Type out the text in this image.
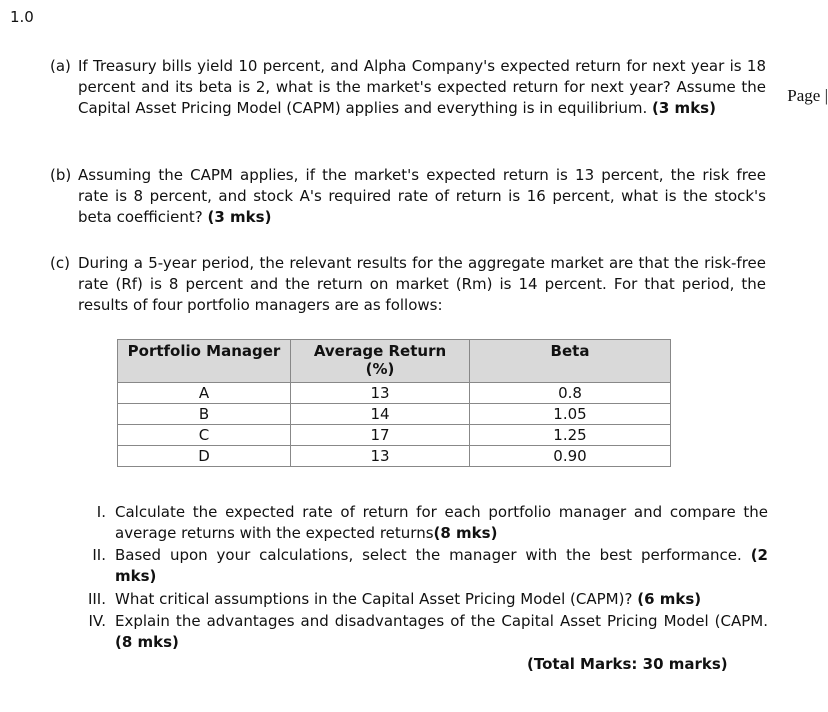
1.0
Page |
(a) If Treasury bills yield 10 percent, and Alpha Company's expected return for next year is 18 percent and its beta is 2, what is the market's expected return for next year? Assume the Capital Asset Pricing Model (CAPM) applies and everything is in equilibrium. (3 mks)
(b) Assuming the CAPM applies, if the market's expected return is 13 percent, the risk free rate is 8 percent, and stock A's required rate of return is 16 percent, what is the stock's beta coefficient? (3 mks)
(c) During a 5-year period, the relevant results for the aggregate market are that the risk-free rate (Rf) is 8 percent and the return on market (Rm) is 14 percent. For that period, the results of four portfolio managers are as follows:
Portfolio Manager	Average Return (%)	Beta
A	13	0.8
B	14	1.05
C	17	1.25
D	13	0.90
I. Calculate the expected rate of return for each portfolio manager and compare the average returns with the expected returns(8 mks)
II. Based upon your calculations, select the manager with the best performance. (2 mks)
III. What critical assumptions in the Capital Asset Pricing Model (CAPM)? (6 mks)
IV. Explain the advantages and disadvantages of the Capital Asset Pricing Model (CAPM. (8 mks)
(Total Marks: 30 marks)
